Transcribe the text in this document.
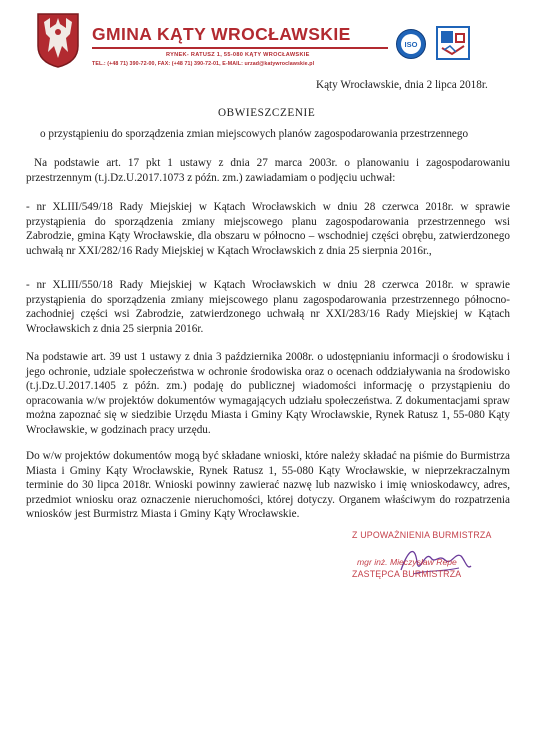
GMINA KĄTY WROCŁAWSKIE
RYNEK- RATUSZ 1, 55-080 KĄTY WROCŁAWSKIE
TEL.: (+48 71) 390-72-00, FAX: (+48 71) 390-72-01, E-MAIL: urzad@katywroclawskie.pl
ISO
Kąty Wrocławskie, dnia 2 lipca 2018r.
OBWIESZCZENIE
o przystąpieniu do sporządzenia zmian miejscowych planów zagospodarowania przestrzennego
Na podstawie art. 17 pkt 1 ustawy z dnia 27 marca 2003r. o planowaniu i zagospodarowaniu przestrzennym (t.j.Dz.U.2017.1073 z późn. zm.) zawiadamiam o podjęciu uchwał:
- nr XLIII/549/18 Rady Miejskiej w Kątach Wrocławskich w dniu 28 czerwca 2018r. w sprawie przystąpienia do sporządzenia zmiany miejscowego planu zagospodarowania przestrzennego wsi Zabrodzie, gmina Kąty Wrocławskie, dla obszaru w północno – wschodniej części obrębu, zatwierdzonego uchwałą nr XXI/282/16 Rady Miejskiej w Kątach Wrocławskich z dnia 25 sierpnia 2016r.,
- nr XLIII/550/18 Rady Miejskiej w Kątach Wrocławskich w dniu 28 czerwca 2018r. w sprawie przystąpienia do sporządzenia zmiany miejscowego planu zagospodarowania przestrzennego północno-zachodniej części wsi Zabrodzie, zatwierdzonego uchwałą nr XXI/283/16 Rady Miejskiej w Kątach Wrocławskich z dnia 25 sierpnia 2016r.
Na podstawie art. 39 ust 1 ustawy z dnia 3 października 2008r. o udostępnianiu informacji o środowisku i jego ochronie, udziale społeczeństwa w ochronie środowiska oraz o ocenach oddziaływania na środowisko (t.j.Dz.U.2017.1405 z późn. zm.) podaję do publicznej wiadomości informację o przystąpieniu do opracowania w/w projektów dokumentów wymagających udziału społeczeństwa. Z dokumentacjami spraw można zapoznać się w siedzibie Urzędu Miasta i Gminy Kąty Wrocławskie, Rynek Ratusz 1, 55-080 Kąty Wrocławskie, w godzinach pracy urzędu.
Do w/w projektów dokumentów mogą być składane wnioski, które należy składać na piśmie do Burmistrza Miasta i Gminy Kąty Wrocławskie, Rynek Ratusz 1, 55-080 Kąty Wrocławskie, w nieprzekraczalnym terminie do 30 lipca 2018r. Wnioski powinny zawierać nazwę lub nazwisko i imię wnioskodawcy, adres, przedmiot wniosku oraz oznaczenie nieruchomości, której dotyczy. Organem właściwym do rozpatrzenia wniosków jest Burmistrz Miasta i Gminy Kąty Wrocławskie.
Z UPOWAŻNIENIA BURMISTRZA
mgr inż. Mieczysław Repe
ZASTĘPCA BURMISTRZA
